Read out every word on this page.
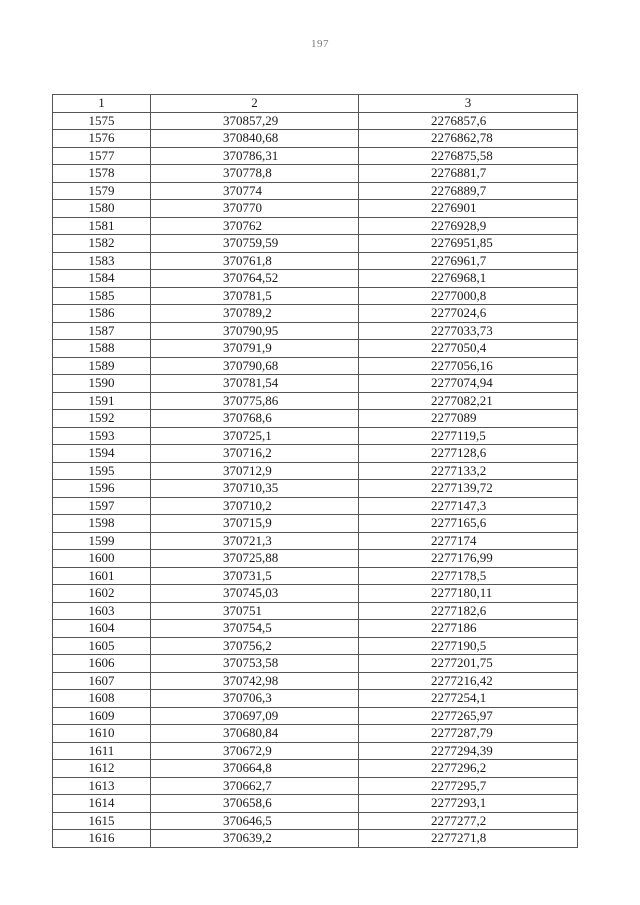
197
1	2	3
1575	370857,29	2276857,6
1576	370840,68	2276862,78
1577	370786,31	2276875,58
1578	370778,8	2276881,7
1579	370774	2276889,7
1580	370770	2276901
1581	370762	2276928,9
1582	370759,59	2276951,85
1583	370761,8	2276961,7
1584	370764,52	2276968,1
1585	370781,5	2277000,8
1586	370789,2	2277024,6
1587	370790,95	2277033,73
1588	370791,9	2277050,4
1589	370790,68	2277056,16
1590	370781,54	2277074,94
1591	370775,86	2277082,21
1592	370768,6	2277089
1593	370725,1	2277119,5
1594	370716,2	2277128,6
1595	370712,9	2277133,2
1596	370710,35	2277139,72
1597	370710,2	2277147,3
1598	370715,9	2277165,6
1599	370721,3	2277174
1600	370725,88	2277176,99
1601	370731,5	2277178,5
1602	370745,03	2277180,11
1603	370751	2277182,6
1604	370754,5	2277186
1605	370756,2	2277190,5
1606	370753,58	2277201,75
1607	370742,98	2277216,42
1608	370706,3	2277254,1
1609	370697,09	2277265,97
1610	370680,84	2277287,79
1611	370672,9	2277294,39
1612	370664,8	2277296,2
1613	370662,7	2277295,7
1614	370658,6	2277293,1
1615	370646,5	2277277,2
1616	370639,2	2277271,8
